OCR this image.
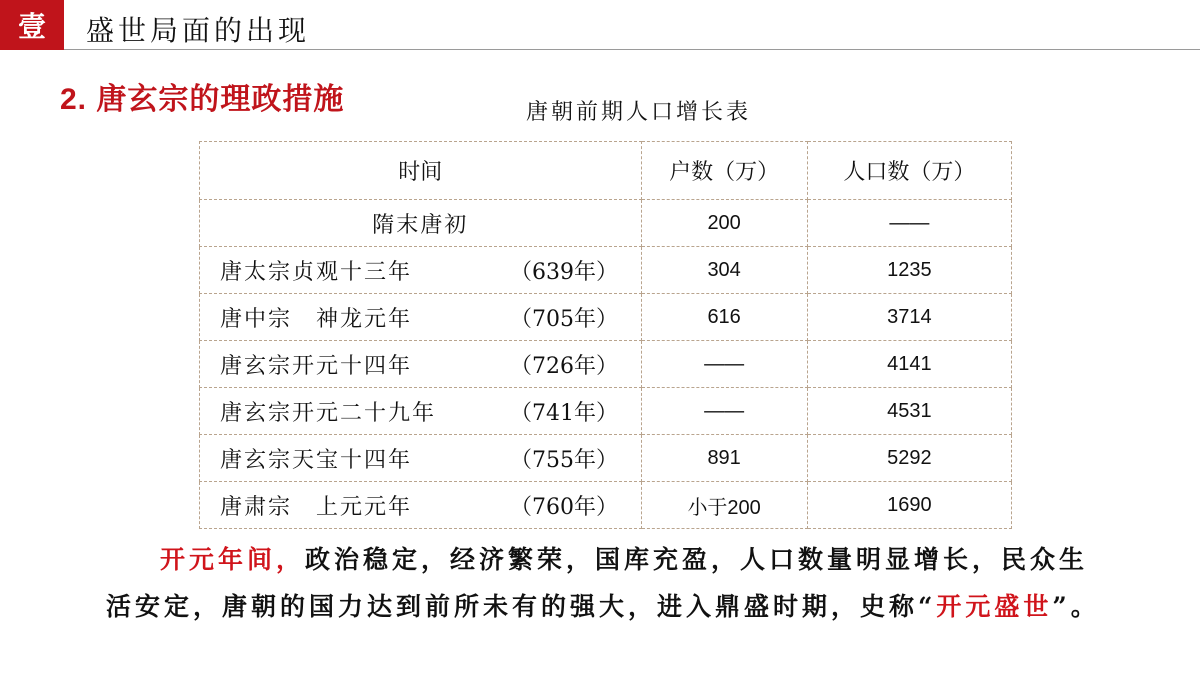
壹	盛世局面的出现
2. 唐玄宗的理政措施	唐朝前期人口增长表
时间	户数（万）	人口数（万）
隋末唐初	200	——
唐太宗贞观十三年 （639年）	304	1235
唐中宗　神龙元年 （705年）	616	3714
唐玄宗开元十四年 （726年）	——	4141
唐玄宗开元二十九年 （741年）	——	4531
唐玄宗天宝十四年 （755年）	891	5292
唐肃宗　上元元年 （760年）	小于200	1690
开元年间，政治稳定，经济繁荣，国库充盈，人口数量明显增长，民众生活安定，唐朝的国力达到前所未有的强大，进入鼎盛时期，史称“开元盛世”。
